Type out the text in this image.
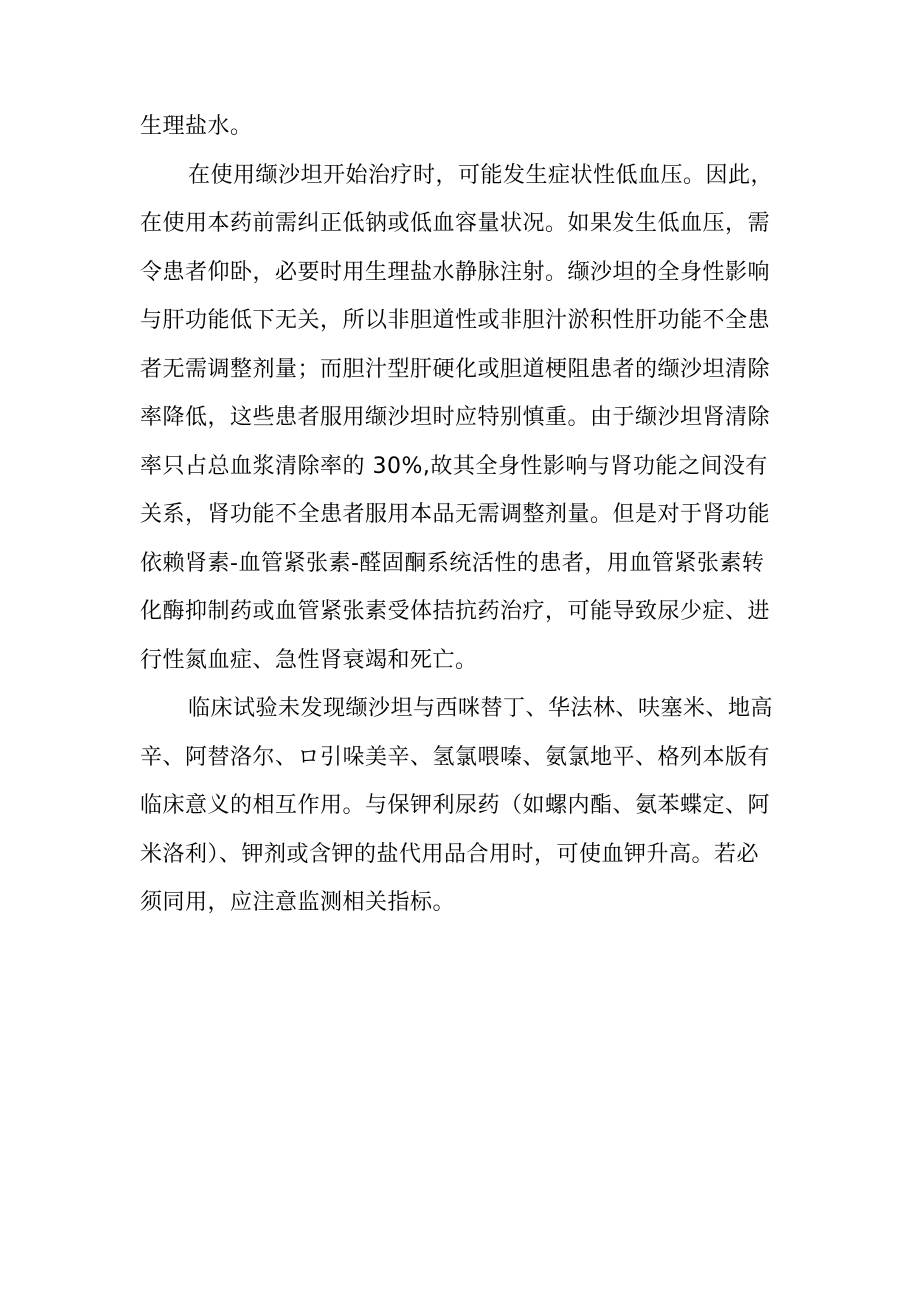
生理盐水。
在使用缬沙坦开始治疗时，可能发生症状性低血压。因此，
在使用本药前需纠正低钠或低血容量状况。如果发生低血压，需
令患者仰卧，必要时用生理盐水静脉注射。缬沙坦的全身性影响
与肝功能低下无关，所以非胆道性或非胆汁淤积性肝功能不全患
者无需调整剂量；而胆汁型肝硬化或胆道梗阻患者的缬沙坦清除
率降低，这些患者服用缬沙坦时应特别慎重。由于缬沙坦肾清除
率只占总血浆清除率的 30%,故其全身性影响与肾功能之间没有
关系，肾功能不全患者服用本品无需调整剂量。但是对于肾功能
依赖肾素-血管紧张素-醛固酮系统活性的患者，用血管紧张素转
化酶抑制药或血管紧张素受体拮抗药治疗，可能导致尿少症、进
行性氮血症、急性肾衰竭和死亡。
临床试验未发现缬沙坦与西咪替丁、华法林、呋塞米、地高
辛、阿替洛尔、ロ引哚美辛、氢氯喂嗪、氨氯地平、格列本版有
临床意义的相互作用。与保钾利尿药（如螺内酯、氨苯蝶定、阿
米洛利）、钾剂或含钾的盐代用品合用时，可使血钾升高。若必
须同用，应注意监测相关指标。
